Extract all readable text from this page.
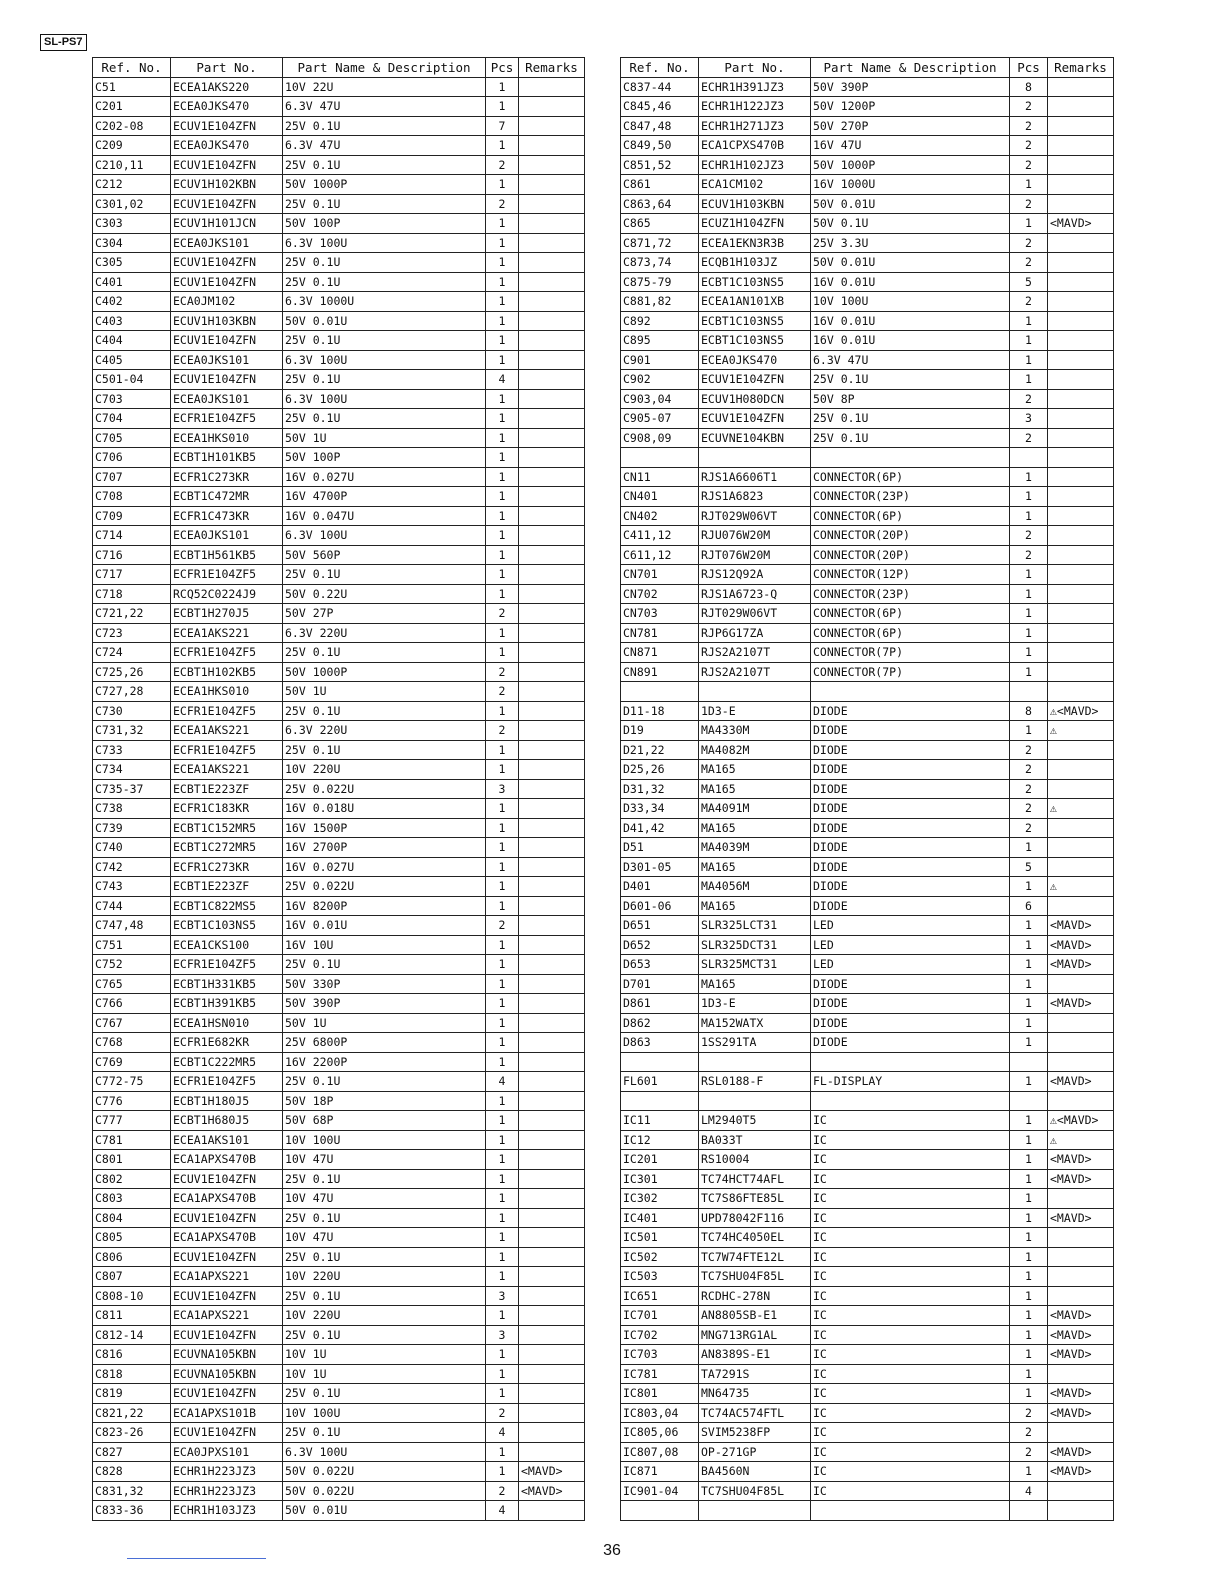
SL-PS7
Ref. No.	Part No.	Part Name & Description	Pcs	Remarks
C51	ECEA1AKS220	10V 22U	1	
C201	ECEA0JKS470	6.3V 47U	1	
C202-08	ECUV1E104ZFN	25V 0.1U	7	
C209	ECEA0JKS470	6.3V 47U	1	
C210,11	ECUV1E104ZFN	25V 0.1U	2	
C212	ECUV1H102KBN	50V 1000P	1	
C301,02	ECUV1E104ZFN	25V 0.1U	2	
C303	ECUV1H101JCN	50V 100P	1	
C304	ECEA0JKS101	6.3V 100U	1	
C305	ECUV1E104ZFN	25V 0.1U	1	
C401	ECUV1E104ZFN	25V 0.1U	1	
C402	ECA0JM102	6.3V 1000U	1	
C403	ECUV1H103KBN	50V 0.01U	1	
C404	ECUV1E104ZFN	25V 0.1U	1	
C405	ECEA0JKS101	6.3V 100U	1	
C501-04	ECUV1E104ZFN	25V 0.1U	4	
C703	ECEA0JKS101	6.3V 100U	1	
C704	ECFR1E104ZF5	25V 0.1U	1	
C705	ECEA1HKS010	50V 1U	1	
C706	ECBT1H101KB5	50V 100P	1	
C707	ECFR1C273KR	16V 0.027U	1	
C708	ECBT1C472MR	16V 4700P	1	
C709	ECFR1C473KR	16V 0.047U	1	
C714	ECEA0JKS101	6.3V 100U	1	
C716	ECBT1H561KB5	50V 560P	1	
C717	ECFR1E104ZF5	25V 0.1U	1	
C718	RCQ52C0224J9	50V 0.22U	1	
C721,22	ECBT1H270J5	50V 27P	2	
C723	ECEA1AKS221	6.3V 220U	1	
C724	ECFR1E104ZF5	25V 0.1U	1	
C725,26	ECBT1H102KB5	50V 1000P	2	
C727,28	ECEA1HKS010	50V 1U	2	
C730	ECFR1E104ZF5	25V 0.1U	1	
C731,32	ECEA1AKS221	6.3V 220U	2	
C733	ECFR1E104ZF5	25V 0.1U	1	
C734	ECEA1AKS221	10V 220U	1	
C735-37	ECBT1E223ZF	25V 0.022U	3	
C738	ECFR1C183KR	16V 0.018U	1	
C739	ECBT1C152MR5	16V 1500P	1	
C740	ECBT1C272MR5	16V 2700P	1	
C742	ECFR1C273KR	16V 0.027U	1	
C743	ECBT1E223ZF	25V 0.022U	1	
C744	ECBT1C822MS5	16V 8200P	1	
C747,48	ECBT1C103NS5	16V 0.01U	2	
C751	ECEA1CKS100	16V 10U	1	
C752	ECFR1E104ZF5	25V 0.1U	1	
C765	ECBT1H331KB5	50V 330P	1	
C766	ECBT1H391KB5	50V 390P	1	
C767	ECEA1HSN010	50V 1U	1	
C768	ECFR1E682KR	25V 6800P	1	
C769	ECBT1C222MR5	16V 2200P	1	
C772-75	ECFR1E104ZF5	25V 0.1U	4	
C776	ECBT1H180J5	50V 18P	1	
C777	ECBT1H680J5	50V 68P	1	
C781	ECEA1AKS101	10V 100U	1	
C801	ECA1APXS470B	10V 47U	1	
C802	ECUV1E104ZFN	25V 0.1U	1	
C803	ECA1APXS470B	10V 47U	1	
C804	ECUV1E104ZFN	25V 0.1U	1	
C805	ECA1APXS470B	10V 47U	1	
C806	ECUV1E104ZFN	25V 0.1U	1	
C807	ECA1APXS221	10V 220U	1	
C808-10	ECUV1E104ZFN	25V 0.1U	3	
C811	ECA1APXS221	10V 220U	1	
C812-14	ECUV1E104ZFN	25V 0.1U	3	
C816	ECUVNA105KBN	10V 1U	1	
C818	ECUVNA105KBN	10V 1U	1	
C819	ECUV1E104ZFN	25V 0.1U	1	
C821,22	ECA1APXS101B	10V 100U	2	
C823-26	ECUV1E104ZFN	25V 0.1U	4	
C827	ECA0JPXS101	6.3V 100U	1	
C828	ECHR1H223JZ3	50V 0.022U	1	<MAVD>
C831,32	ECHR1H223JZ3	50V 0.022U	2	<MAVD>
C833-36	ECHR1H103JZ3	50V 0.01U	4	
Ref. No.	Part No.	Part Name & Description	Pcs	Remarks
C837-44	ECHR1H391JZ3	50V 390P	8	
C845,46	ECHR1H122JZ3	50V 1200P	2	
C847,48	ECHR1H271JZ3	50V 270P	2	
C849,50	ECA1CPXS470B	16V 47U	2	
C851,52	ECHR1H102JZ3	50V 1000P	2	
C861	ECA1CM102	16V 1000U	1	
C863,64	ECUV1H103KBN	50V 0.01U	2	
C865	ECUZ1H104ZFN	50V 0.1U	1	<MAVD>
C871,72	ECEA1EKN3R3B	25V 3.3U	2	
C873,74	ECQB1H103JZ	50V 0.01U	2	
C875-79	ECBT1C103NS5	16V 0.01U	5	
C881,82	ECEA1AN101XB	10V 100U	2	
C892	ECBT1C103NS5	16V 0.01U	1	
C895	ECBT1C103NS5	16V 0.01U	1	
C901	ECEA0JKS470	6.3V 47U	1	
C902	ECUV1E104ZFN	25V 0.1U	1	
C903,04	ECUV1H080DCN	50V 8P	2	
C905-07	ECUV1E104ZFN	25V 0.1U	3	
C908,09	ECUVNE104KBN	25V 0.1U	2	

CN11	RJS1A6606T1	CONNECTOR(6P)	1	
CN401	RJS1A6823	CONNECTOR(23P)	1	
CN402	RJT029W06VT	CONNECTOR(6P)	1	
C411,12	RJU076W20M	CONNECTOR(20P)	2	
C611,12	RJT076W20M	CONNECTOR(20P)	2	
CN701	RJS12Q92A	CONNECTOR(12P)	1	
CN702	RJS1A6723-Q	CONNECTOR(23P)	1	
CN703	RJT029W06VT	CONNECTOR(6P)	1	
CN781	RJP6G17ZA	CONNECTOR(6P)	1	
CN871	RJS2A2107T	CONNECTOR(7P)	1	
CN891	RJS2A2107T	CONNECTOR(7P)	1	

D11-18	1D3-E	DIODE	8	⚠<MAVD>
D19	MA4330M	DIODE	1	⚠
D21,22	MA4082M	DIODE	2	
D25,26	MA165	DIODE	2	
D31,32	MA165	DIODE	2	
D33,34	MA4091M	DIODE	2	⚠
D41,42	MA165	DIODE	2	
D51	MA4039M	DIODE	1	
D301-05	MA165	DIODE	5	
D401	MA4056M	DIODE	1	⚠
D601-06	MA165	DIODE	6	
D651	SLR325LCT31	LED	1	<MAVD>
D652	SLR325DCT31	LED	1	<MAVD>
D653	SLR325MCT31	LED	1	<MAVD>
D701	MA165	DIODE	1	
D861	1D3-E	DIODE	1	<MAVD>
D862	MA152WATX	DIODE	1	
D863	1SS291TA	DIODE	1	

FL601	RSL0188-F	FL-DISPLAY	1	<MAVD>

IC11	LM2940T5	IC	1	⚠<MAVD>
IC12	BA033T	IC	1	⚠
IC201	RS10004	IC	1	<MAVD>
IC301	TC74HCT74AFL	IC	1	<MAVD>
IC302	TC7S86FTE85L	IC	1	
IC401	UPD78042F116	IC	1	<MAVD>
IC501	TC74HC4050EL	IC	1	
IC502	TC7W74FTE12L	IC	1	
IC503	TC7SHU04F85L	IC	1	
IC651	RCDHC-278N	IC	1	
IC701	AN8805SB-E1	IC	1	<MAVD>
IC702	MNG713RG1AL	IC	1	<MAVD>
IC703	AN8389S-E1	IC	1	<MAVD>
IC781	TA7291S	IC	1	
IC801	MN64735	IC	1	<MAVD>
IC803,04	TC74AC574FTL	IC	2	<MAVD>
IC805,06	SVIM5238FP	IC	2	
IC807,08	OP-271GP	IC	2	<MAVD>
IC871	BA4560N	IC	1	<MAVD>
IC901-04	TC7SHU04F85L	IC	4	

36
